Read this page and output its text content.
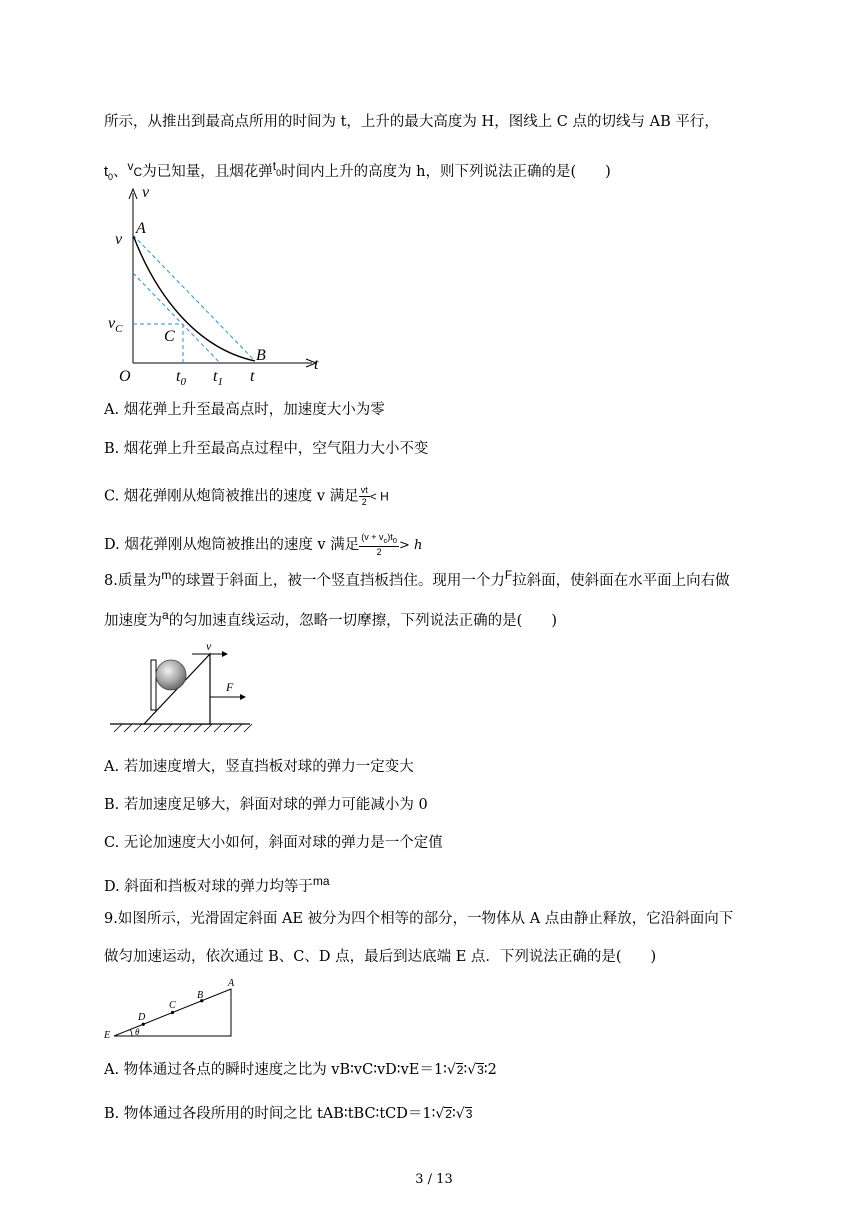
所示，从推出到最高点所用的时间为 t，上升的最大高度为 H，图线上 C 点的切线与 AB 平行，
$t_0$、$^v$C为已知量，且烟花弹$^t$0时间内上升的高度为 h，则下列说法正确的是(　　)
v
t
O
A
B
C
v
$v_C$
$t_0$ $t_1$ t
A. 烟花弹上升至最高点时，加速度大小为零
B. 烟花弹上升至最高点过程中，空气阻力大小不变
C. 烟花弹刚从炮筒被推出的速度 v 满足 $\frac{vt}{2} < H$
D. 烟花弹刚从炮筒被推出的速度 v 满足 $\frac{(v + v_c)t_0}{2} > h$
8.质量为$^m$的球置于斜面上，被一个竖直挡板挡住。现用一个力$^F$拉斜面，使斜面在水平面上向右做
加速度为$^a$的匀加速直线运动，忽略一切摩擦，下列说法正确的是(　　)
v
F
A. 若加速度增大，竖直挡板对球的弹力一定变大
B. 若加速度足够大，斜面对球的弹力可能减小为 0
C. 无论加速度大小如何，斜面对球的弹力是一个定值
D. 斜面和挡板对球的弹力均等于$^{ma}$
9.如图所示，光滑固定斜面 AE 被分为四个相等的部分，一物体从 A 点由静止释放，它沿斜面向下
做匀加速运动，依次通过 B、C、D 点，最后到达底端 E 点．下列说法正确的是(　　)
A
B
C
D
E	θ
A. 物体通过各点的瞬时速度之比为 vB∶vC∶vD∶vE＝1∶√2∶√3∶2
B. 物体通过各段所用的时间之比 tAB∶tBC∶tCD＝1∶√2∶√3
3 / 13
